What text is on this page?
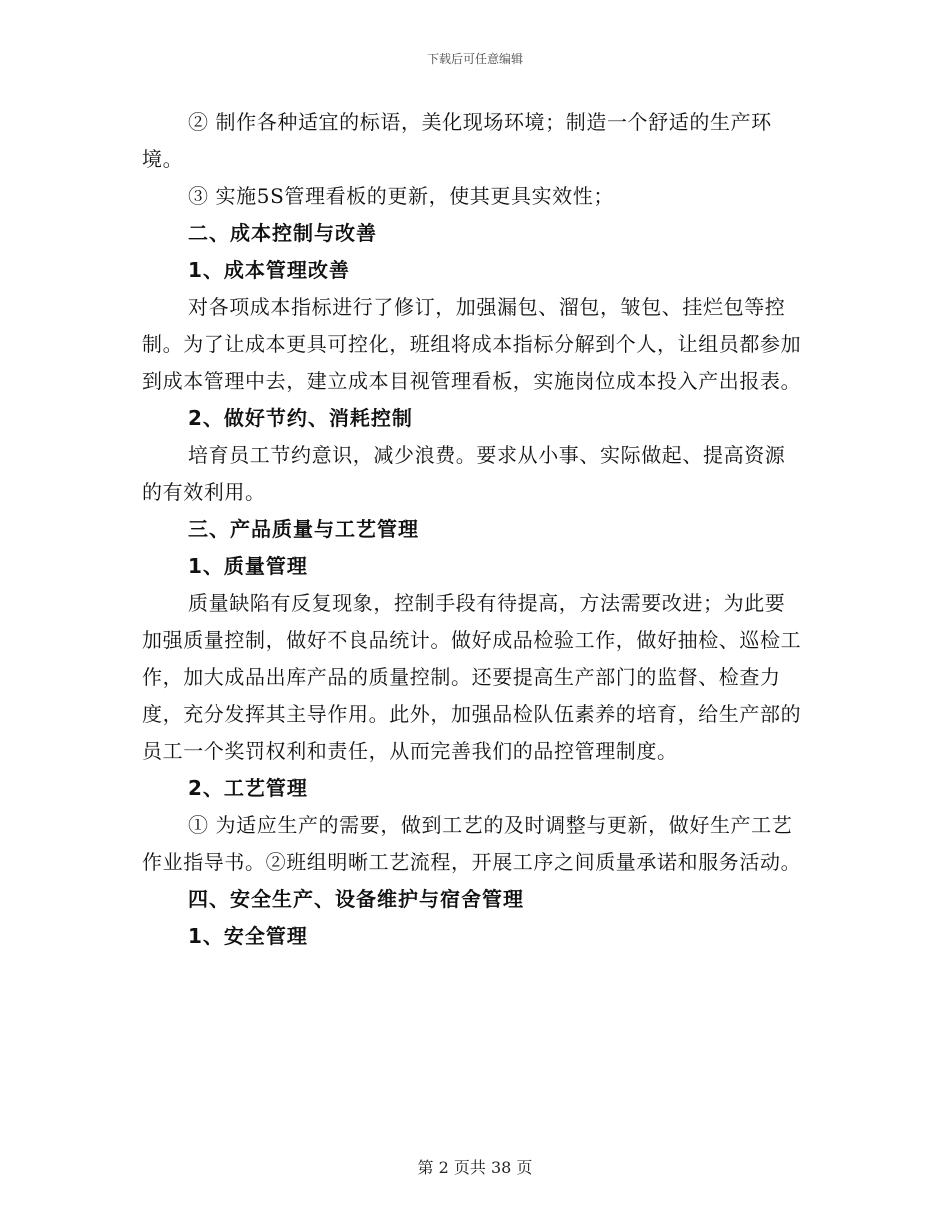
下载后可任意编辑

② 制作各种适宜的标语，美化现场环境；制造一个舒适的生产环境。

③ 实施5S管理看板的更新，使其更具实效性；

二、成本控制与改善

1、成本管理改善

对各项成本指标进行了修订，加强漏包、溜包，皱包、挂烂包等控制。为了让成本更具可控化，班组将成本指标分解到个人，让组员都参加到成本管理中去，建立成本目视管理看板，实施岗位成本投入产出报表。

2、做好节约、消耗控制

培育员工节约意识，减少浪费。要求从小事、实际做起、提高资源的有效利用。

三、产品质量与工艺管理

1、质量管理

质量缺陷有反复现象，控制手段有待提高，方法需要改进；为此要加强质量控制，做好不良品统计。做好成品检验工作，做好抽检、巡检工作，加大成品出库产品的质量控制。还要提高生产部门的监督、检查力度，充分发挥其主导作用。此外，加强品检队伍素养的培育，给生产部的员工一个奖罚权利和责任，从而完善我们的品控管理制度。

2、工艺管理

① 为适应生产的需要，做到工艺的及时调整与更新，做好生产工艺作业指导书。②班组明晰工艺流程，开展工序之间质量承诺和服务活动。

四、安全生产、设备维护与宿舍管理

1、安全管理

第 2 页共 38 页
